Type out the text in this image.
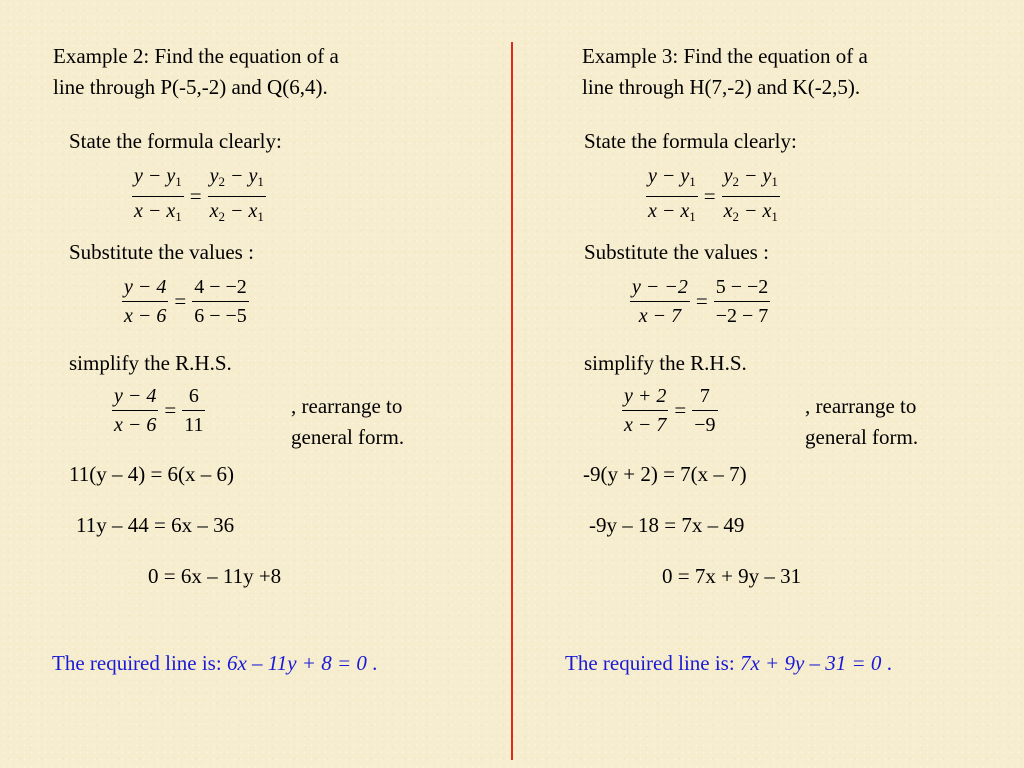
Example 2: Find the equation of a
line through P(-5,-2) and Q(6,4).
State the formula clearly:
$\frac{y - y_1}{x - x_1} = \frac{y_2 - y_1}{x_2 - x_1}$
Substitute the values :
$\frac{y - 4}{x - 6} = \frac{4 - -2}{6 - -5}$
simplify the R.H.S.
$\frac{y - 4}{x - 6} = \frac{6}{11}$	, rearrange to
general form.
11(y – 4) = 6(x – 6)
11y – 44 = 6x – 36
0 = 6x – 11y +8
The required line is: 6x – 11y + 8 = 0 .
Example 3: Find the equation of a
line through H(7,-2) and K(-2,5).
State the formula clearly:
$\frac{y - y_1}{x - x_1} = \frac{y_2 - y_1}{x_2 - x_1}$
Substitute the values :
$\frac{y - -2}{x - 7} = \frac{5 - -2}{-2 - 7}$
simplify the R.H.S.
$\frac{y + 2}{x - 7} = \frac{7}{-9}$	, rearrange to
general form.
-9(y + 2) = 7(x – 7)
-9y – 18 = 7x – 49
0 = 7x + 9y – 31
The required line is: 7x + 9y – 31 = 0 .
